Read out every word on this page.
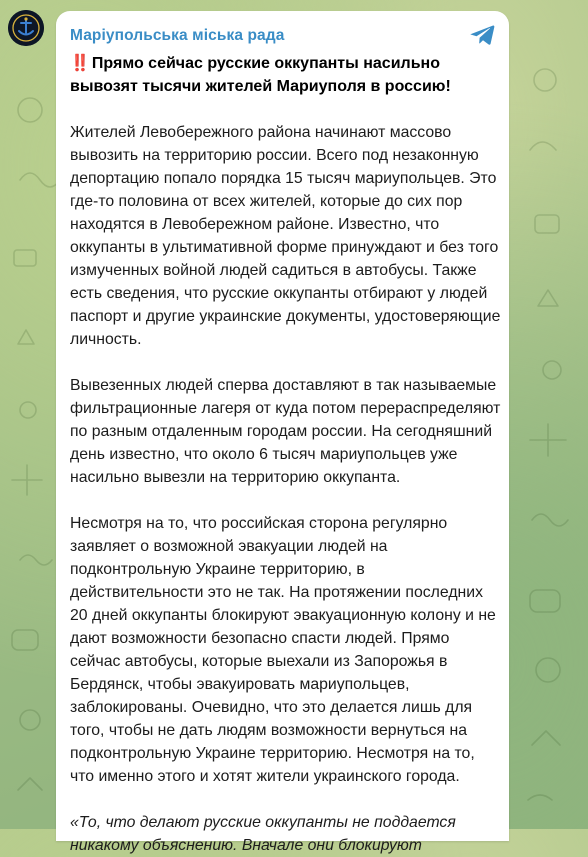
Маріупольська міська рада
‼️ Прямо сейчас русские оккупанты насильно вывозят тысячи жителей Мариуполя в россию!

Жителей Левобережного района начинают массово вывозить на территорию россии. Всего под незаконную депортацию попало порядка 15 тысяч мариупольцев. Это где-то половина от всех жителей, которые до сих пор находятся в Левобережном районе. Известно, что оккупанты в ультимативной форме принуждают и без того измученных войной людей садиться в автобусы. Также есть сведения, что русские оккупанты отбирают у людей паспорт и другие украинские документы, удостоверяющие личность.

Вывезенных людей сперва доставляют в так называемые фильтрационные лагеря от куда потом перераспределяют по разным отдаленным городам россии. На сегодняшний день известно, что около 6 тысяч мариупольцев уже насильно вывезли на территорию оккупанта.

Несмотря на то, что российская сторона регулярно заявляет о возможной эвакуации людей на подконтрольную Украине территорию, в действительности это не так. На протяжении последних 20 дней оккупанты блокируют эвакуационную колону и не дают возможности безопасно спасти людей. Прямо сейчас автобусы, которые выехали из Запорожья в Бердянск, чтобы эвакуировать мариупольцев, заблокированы. Очевидно, что это делается лишь для того, чтобы не дать людям возможности вернуться на подконтрольную Украине территорию. Несмотря на то, что именно этого и хотят жители украинского города.

«То, что делают русские оккупанты не поддается никакому объяснению. Вначале они блокируют
